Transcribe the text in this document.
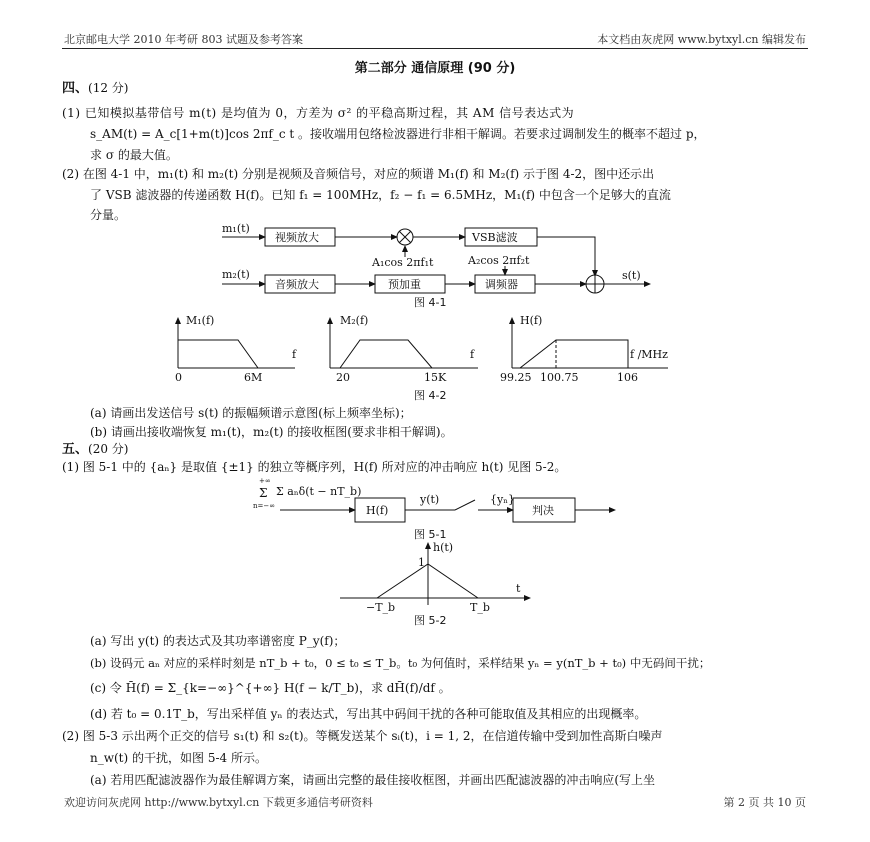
北京邮电大学 2010 年考研 803 试题及参考答案	本文档由灰虎网 www.bytxyl.cn 编辑发布
第二部分 通信原理 (90 分)
四、(12 分)
(1) 已知模拟基带信号 m(t) 是均值为 0，方差为 σ² 的平稳高斯过程，其 AM 信号表达式为
s_AM(t) = A_c[1+m(t)]cos 2πf_c t 。接收端用包络检波器进行非相干解调。若要求过调制发生的概率不超过 p，
求 σ 的最大值。
(2) 在图 4-1 中，m₁(t) 和 m₂(t) 分别是视频及音频信号，对应的频谱 M₁(f) 和 M₂(f) 示于图 4-2，图中还示出
了 VSB 滤波器的传递函数 H(f)。已知 f₁ = 100MHz，f₂ − f₁ = 6.5MHz，M₁(f) 中包含一个足够大的直流
分量。
m₁(t)
视频放大
A₁cos 2πf₁t
VSB滤波
m₂(t)
音频放大	预加重	调频器
A₂cos 2πf₂t
s(t)
M₁(f)
f
0	6M
M₂(f)
f
20	15K
H(f)
f /MHz
99.25 100.75	106
+∞
Σ
n=−∞
Σ aₙδ(t − nT_b)
H(f)
y(t)	{yₙ}
判决
h(t)
1
t
−T_b	T_b
图 4-1
图 4-2
(a) 请画出发送信号 s(t) 的振幅频谱示意图(标上频率坐标)；
(b) 请画出接收端恢复 m₁(t)，m₂(t) 的接收框图(要求非相干解调)。
五、(20 分)
(1) 图 5-1 中的 {aₙ} 是取值 {±1} 的独立等概序列，H(f) 所对应的冲击响应 h(t) 见图 5-2。
图 5-1
图 5-2
(a) 写出 y(t) 的表达式及其功率谱密度 P_y(f)；
(b) 设码元 aₙ 对应的采样时刻是 nT_b + t₀，0 ≤ t₀ ≤ T_b。t₀ 为何值时，采样结果 yₙ = y(nT_b + t₀) 中无码间干扰；
(c) 令 H̄(f) = Σ_{k=−∞}^{+∞} H(f − k/T_b)，求 dH̄(f)/df 。
(d) 若 t₀ = 0.1T_b，写出采样值 yₙ 的表达式，写出其中码间干扰的各种可能取值及其相应的出现概率。
(2) 图 5-3 示出两个正交的信号 s₁(t) 和 s₂(t)。等概发送某个 sᵢ(t)，i = 1, 2，在信道传输中受到加性高斯白噪声
n_w(t) 的干扰，如图 5-4 所示。
(a) 若用匹配滤波器作为最佳解调方案，请画出完整的最佳接收框图，并画出匹配滤波器的冲击响应(写上坐
欢迎访问灰虎网 http://www.bytxyl.cn 下载更多通信考研资料	第 2 页 共 10 页
